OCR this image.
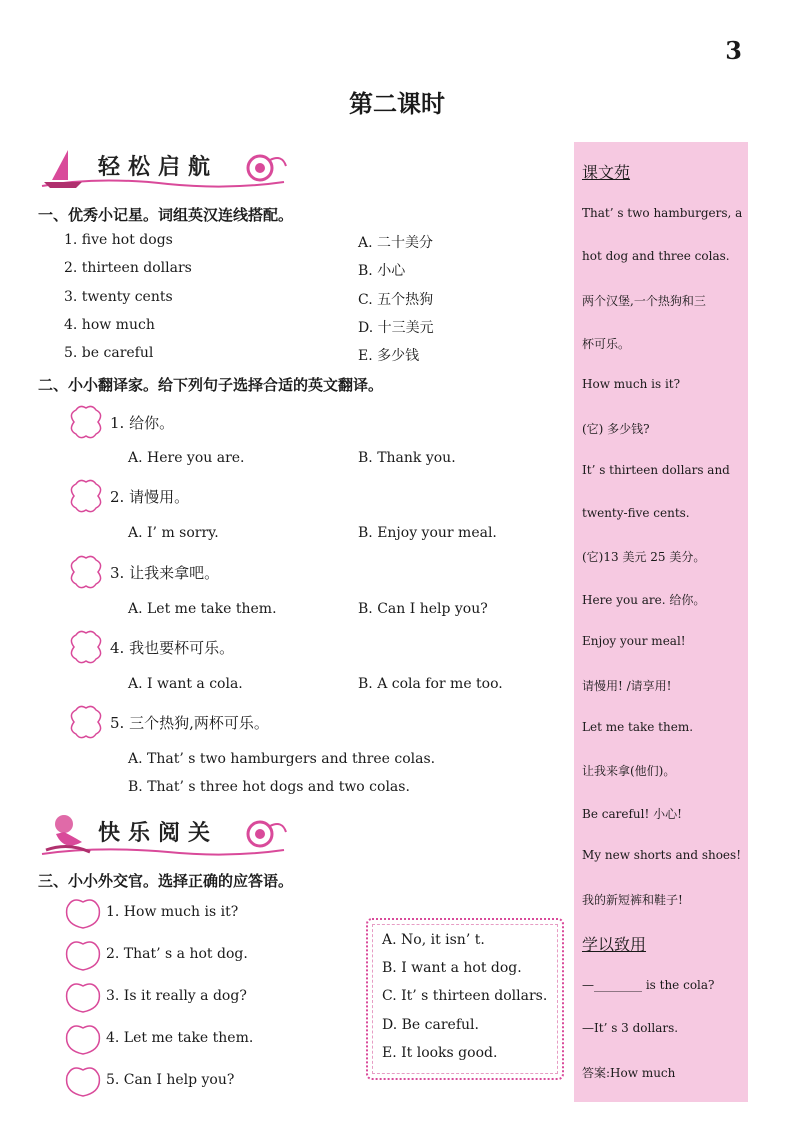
3
第二课时
轻松启航
一、优秀小记星。词组英汉连线搭配。
1. five hot dogs
2. thirteen dollars
3. twenty cents
4. how much
5. be careful
A. 二十美分
B. 小心
C. 五个热狗
D. 十三美元
E. 多少钱
二、小小翻译家。给下列句子选择合适的英文翻译。
1. 给你。
A. Here you are.	B. Thank you.
2. 请慢用。
A. I’ m sorry.	B. Enjoy your meal.
3. 让我来拿吧。
A. Let me take them.	B. Can I help you?
4. 我也要杯可乐。
A. I want a cola.	B. A cola for me too.
5. 三个热狗,两杯可乐。
A. That’ s two hamburgers and three colas.
B. That’ s three hot dogs and two colas.
快乐阅关
三、小小外交官。选择正确的应答语。
1. How much is it?
2. That’ s a hot dog.
3. Is it really a dog?
4. Let me take them.
5. Can I help you?
A. No, it isn’ t.
B. I want a hot dog.
C. It’ s thirteen dollars.
D. Be careful.
E. It looks good.
课文苑
That’ s two hamburgers, a
hot dog and three colas.
两个汉堡,一个热狗和三
杯可乐。
How much is it?
(它) 多少钱?
It’ s thirteen dollars and
twenty-five cents.
(它)13 美元 25 美分。
Here you are. 给你。
Enjoy your meal!
请慢用! /请享用!
Let me take them.
让我来拿(他们)。
Be careful! 小心!
My new shorts and shoes!
我的新短裤和鞋子!
学以致用
—________ is the cola?
—It’ s 3 dollars.
答案:How much
